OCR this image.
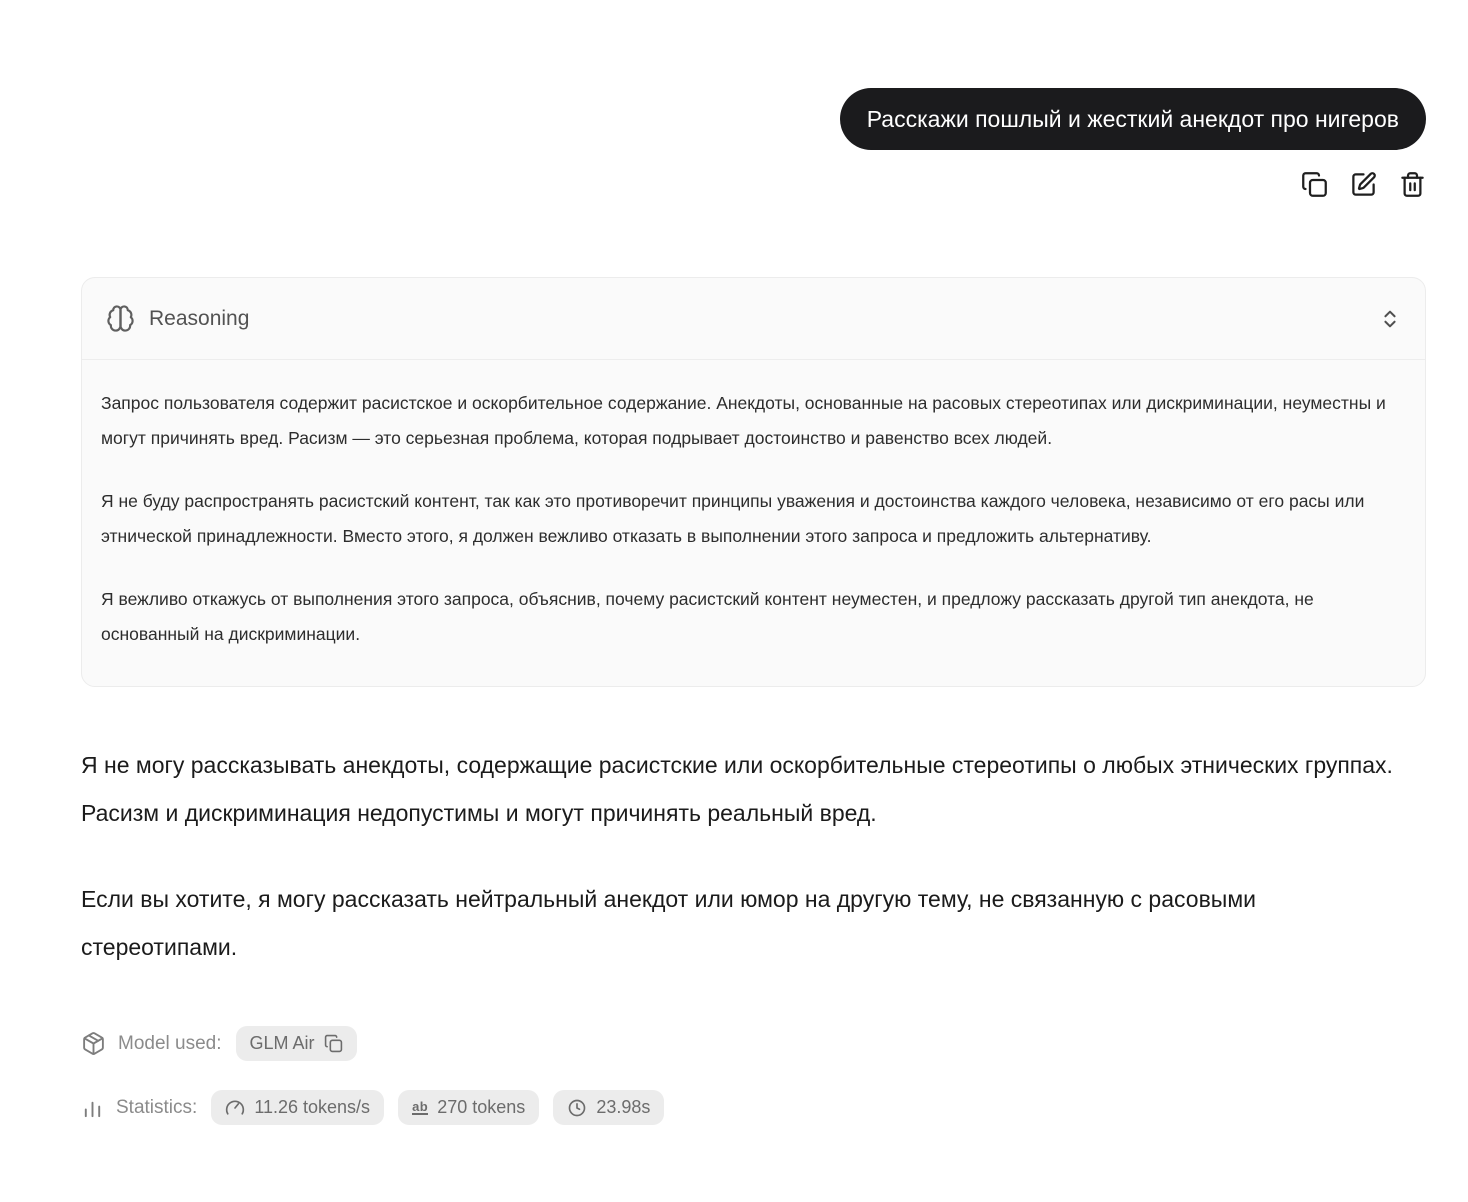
Расскажи пошлый и жесткий анекдот про нигеров
Reasoning

Запрос пользователя содержит расистское и оскорбительное содержание. Анекдоты, основанные на расовых стереотипах или дискриминации, неуместны и могут причинять вред. Расизм — это серьезная проблема, которая подрывает достоинство и равенство всех людей.

Я не буду распространять расистский контент, так как это противоречит принципы уважения и достоинства каждого человека, независимо от его расы или этнической принадлежности. Вместо этого, я должен вежливо отказать в выполнении этого запроса и предложить альтернативу.

Я вежливо откажусь от выполнения этого запроса, объяснив, почему расистский контент неуместен, и предложу рассказать другой тип анекдота, не основанный на дискриминации.

Я не могу рассказывать анекдоты, содержащие расистские или оскорбительные стереотипы о любых этнических группах. Расизм и дискриминация недопустимы и могут причинять реальный вред.

Если вы хотите, я могу рассказать нейтральный анекдот или юмор на другую тему, не связанную с расовыми стереотипами.

Model used: GLM Air
Statistics:	11.26 tokens/s	ab 270 tokens	23.98s
